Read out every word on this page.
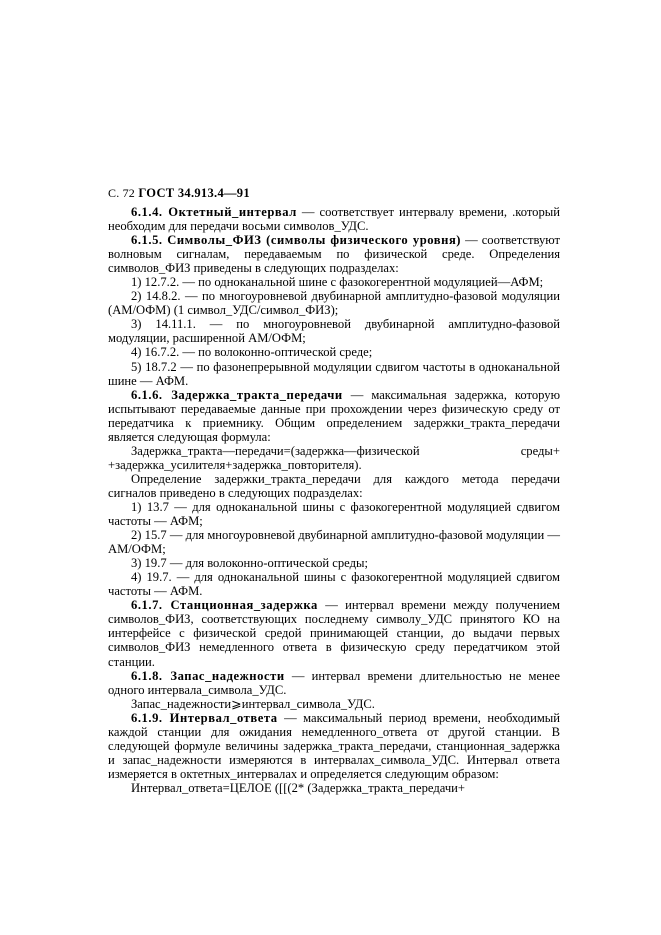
С. 72 ГОСТ 34.913.4—91

6.1.4. Октетный_интервал — соответствует интервалу времени, .который необходим для передачи восьми символов_УДС.

6.1.5. Символы_ФИЗ (символы физического уровня) — соответствуют волновым сигналам, передаваемым по физической среде. Определения символов_ФИЗ приведены в следующих подразделах:

1) 12.7.2. — по одноканальной шине с фазокогерентной модуляцией—АФМ;

2) 14.8.2. — по многоуровневой двубинарной амплитудно-фазовой модуляции (АМ/ОФМ) (1 символ_УДС/символ_ФИЗ);

3) 14.11.1. — по многоуровневой двубинарной амплитудно-фазовой модуляции, расширенной АМ/ОФМ;

4) 16.7.2. — по волоконно-оптической среде;

5) 18.7.2 — по фазонепрерывной модуляции сдвигом частоты в одноканальной шине — АФМ.

6.1.6. Задержка_тракта_передачи — максимальная задержка, которую испытывают передаваемые данные при прохождении через физическую среду от передатчика к приемнику. Общим определением задержки_тракта_передачи является следующая формула:

Задержка_тракта—передачи=(задержка—физической среды+ +задержка_усилителя+задержка_повторителя).

Определение задержки_тракта_передачи для каждого метода передачи сигналов приведено в следующих подразделах:

1) 13.7 — для одноканальной шины с фазокогерентной модуляцией сдвигом частоты — АФМ;

2) 15.7 — для многоуровневой двубинарной амплитудно-фазовой модуляции — АМ/ОФМ;

3) 19.7 — для волоконно-оптической среды;

4) 19.7. — для одноканальной шины с фазокогерентной модуляцией сдвигом частоты — АФМ.

6.1.7. Станционная_задержка — интервал времени между получением символов_ФИЗ, соответствующих последнему символу_УДС принятого КО на интерфейсе с физической средой принимающей станции, до выдачи первых символов_ФИЗ немедленного ответа в физическую среду передатчиком этой станции.

6.1.8. Запас_надежности — интервал времени длительностью не менее одного интервала_символа_УДС.

Запас_надежности⩾интервал_символа_УДС.

6.1.9. Интервал_ответа — максимальный период времени, необходимый каждой станции для ожидания немедленного_ответа от другой станции. В следующей формуле величины задержка_тракта_передачи, станционная_задержка и запас_надежности измеряются в интервалах_символа_УДС. Интервал ответа измеряется в октетных_интервалах и определяется следующим образом:

Интервал_ответа=ЦЕЛОЕ ([[(2* (Задержка_тракта_передачи+
